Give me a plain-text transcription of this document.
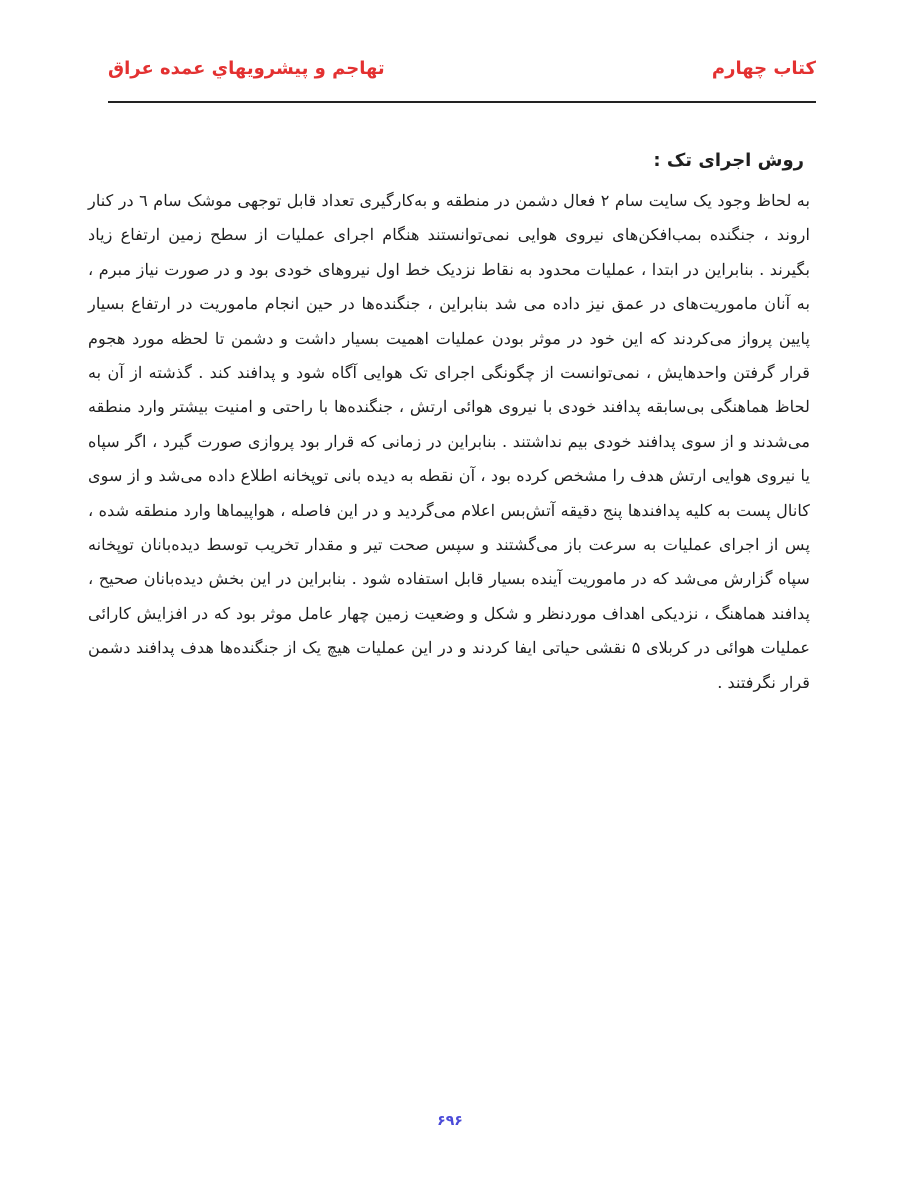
کتاب چهارم
تهاجم و پیشرویهاي عمده عراق
روش اجرای تک :

به لحاظ وجود یک سایت سام ۲ فعال دشمن در منطقه و به‌کارگیری تعداد قابل توجهی موشک سام ٦ در کنار اروند ، جنگنده بمب‌افکن‌های نیروی هوایی نمی‌توانستند هنگام اجرای عملیات از سطح زمین ارتفاع زیاد بگیرند . بنابراین در ابتدا ، عملیات محدود به نقاط نزدیک خط اول نیروهای خودی بود و در صورت نیاز مبرم ، به آنان ماموریت‌های در عمق نیز داده می شد بنابراین ، جنگنده‌ها در حین انجام ماموریت در ارتفاع بسیار پایین پرواز می‌کردند که این خود در موثر بودن عملیات اهمیت بسیار داشت و دشمن تا لحظه مورد هجوم قرار گرفتن واحدهایش ، نمی‌توانست از چگونگی اجرای تک هوایی آگاه شود و پدافند کند . گذشته از آن به لحاظ هماهنگی بی‌سابقه پدافند خودی با نیروی هوائی ارتش ، جنگنده‌ها با راحتی و امنیت بیشتر وارد منطقه می‌شدند و از سوی پدافند خودی بیم نداشتند . بنابراین در زمانی که قرار بود پروازی صورت گیرد ، اگر سپاه یا نیروی هوایی ارتش هدف را مشخص کرده بود ، آن نقطه به دیده بانی توپخانه اطلاع داده می‌شد و از سوی کانال پست به کلیه پدافندها پنج دقیقه آتش‌بس اعلام می‌گردید و در این فاصله ، هواپیماها وارد منطقه شده ، پس از اجرای عملیات به سرعت باز می‌گشتند و سپس صحت تیر و مقدار تخریب توسط دیده‌بانان توپخانه سپاه گزارش می‌شد که در ماموریت آینده بسیار قابل استفاده شود . بنابراین در این بخش دیده‌بانان صحیح ، پدافند هماهنگ ، نزدیکی اهداف موردنظر و شکل و وضعیت زمین چهار عامل موثر بود که در افزایش کارائی عملیات هوائی در کربلای ۵ نقشی حیاتی ایفا کردند و در این عملیات هیچ یک از جنگنده‌ها هدف پدافند دشمن قرار نگرفتند .

۶۹۶
